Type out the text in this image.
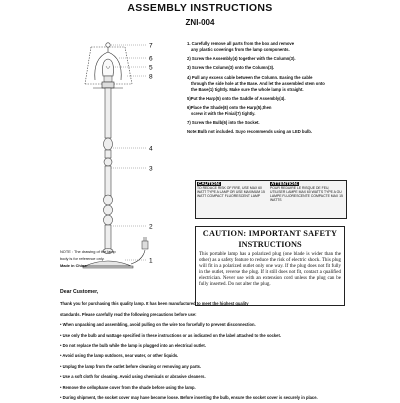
ASSEMBLY INSTRUCTIONS
ZNI-004
7
6
5
8
4
3
2
1
NOTE : The drawing of the lamp
body is for reference only.
Made in China
1. Carefully remove all parts from the box and remove
any plastic coverings from the lamp components.
2) Screw the Assembly(4) together with the Column(3).
3) Screw the Column(3) onto the Column(3).
4) Pull any excess cable between the Column. Easing the cable
through the side hole at the Base. And let the assembled stem onto
the Base(1) tightly. Make sure the whole lamp is straight.
5)Put the Harp(5) onto the Saddle of Assembly(4).
6)Place the Shade(8) onto the Harp(5),then
screw it with the Finial(7) tightly.
7) Screw the Bulb(6) into the Socket.
Note:Bulb not included. Suyo recommends using an LED bulb.
CAUTION:
TO REDUCE RISK OF FIRE, USE MAX 60 WATT TYPE A LAMP OR USE MAXIMUM 15 WATT COMPACT FLUORESCENT LAMP
ATTENTION:
POUR REDUIRE LE RISQUE DE FEU, UTILISER LAMPE MAX 60 WATTS TYPE A OU LAMPE FLUORESCENTE COMPACTE MAX 15 WATTS
CAUTION: IMPORTANT SAFETY
INSTRUCTIONS
This portable lamp has a polarized plug (one blade is wider than the other) as a safety feature to reduce the risk of electric shock. This plug will fit in a polarized outlet only one way. If the plug does not fit fully in the outlet, reverse the plug. If it still does not fit, contact a qualified electrician. Never use with an extension cord unless the plug can be fully inserted. Do not alter the plug.

Dear Customer,

Thank you for purchasing this quality lamp. It has been manufactured to meet the highest quality

standards. Please carefully read the following precautions before use:

• When unpacking and assembling, avoid pulling on the wire too forcefully to prevent disconnection.

• Use only the bulb and wattage specified in these instructions or as indicated on the label attached to the socket.

• Do not replace the bulb while the lamp is plugged into an electrical outlet.

• Avoid using the lamp outdoors, near water, or other liquids.

• Unplug the lamp from the outlet before cleaning or removing any parts.

• Use a soft cloth for cleaning. Avoid using chemicals or abrasive cleaners.

• Remove the cellophane cover from the shade before using the lamp.

• During shipment, the socket cover may have become loose. Before inserting the bulb, ensure the socket cover is securely in place.
